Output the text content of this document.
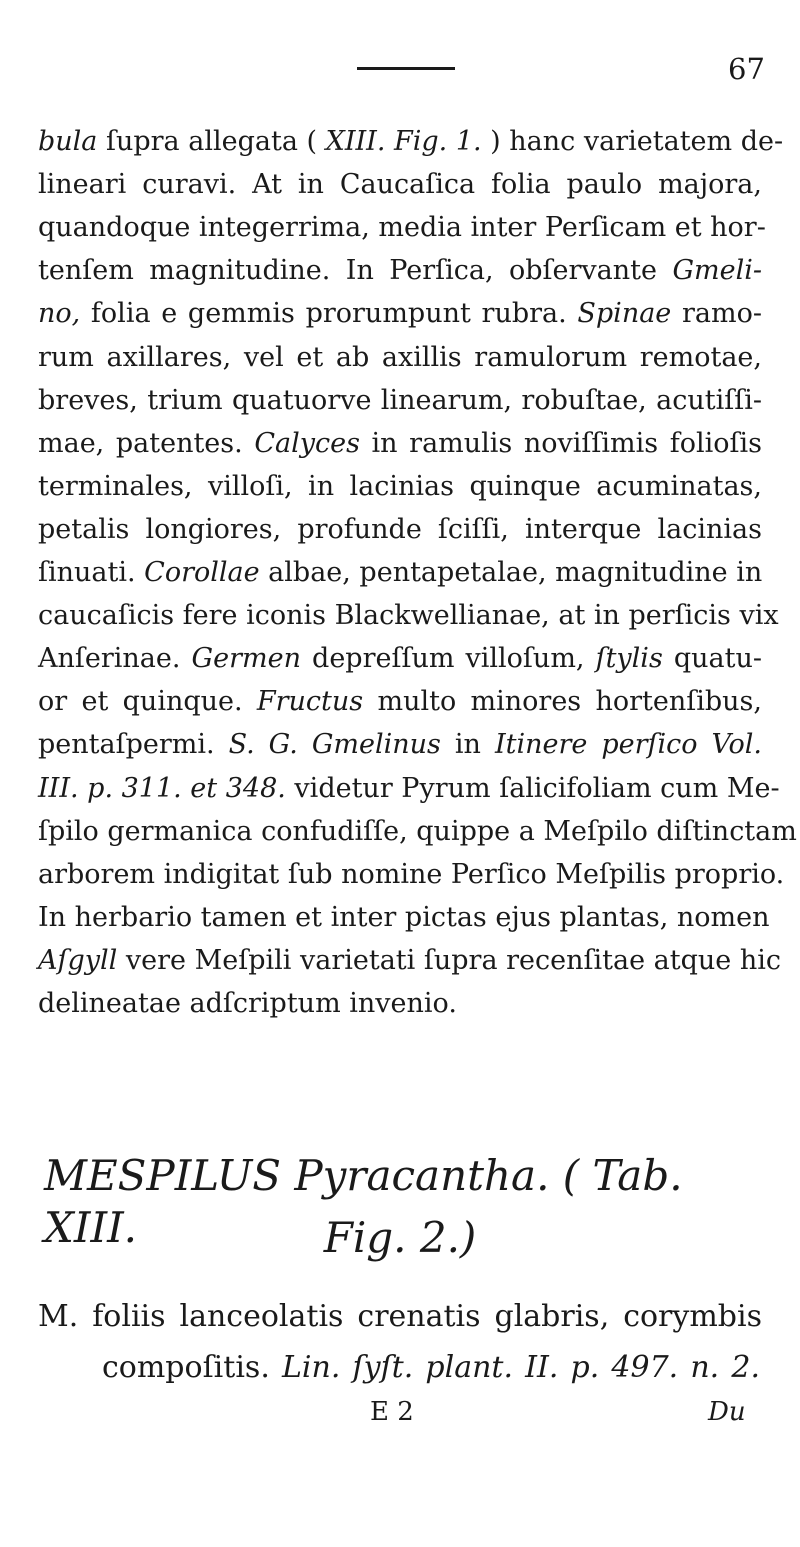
67
bula ſupra allegata ( XIII. Fig. 1. ) hanc varietatem de-
lineari curavi. At in Caucaſica folia paulo majora,
quandoque integerrima, media inter Perſicam et hor-
tenſem magnitudine. In Perſica, obſervante Gmeli-
no, folia e gemmis prorumpunt rubra. Spinae ramo-
rum axillares, vel et ab axillis ramulorum remotae,
breves, trium quatuorve linearum, robuſtae, acutiſſi-
mae, patentes. Calyces in ramulis noviſſimis folioſis
terminales, villoſi, in lacinias quinque acuminatas,
petalis longiores, profunde ſciſſi, interque lacinias
ſinuati. Corollae albae, pentapetalae, magnitudine in
caucaſicis fere iconis Blackwellianae, at in perſicis vix
Anſerinae. Germen depreſſum villoſum, ſtylis quatu-
or et quinque. Fructus multo minores hortenſibus,
pentaſpermi. S. G. Gmelinus in Itinere perſico Vol.
III. p. 311. et 348. videtur Pyrum ſalicifoliam cum Me-
ſpilo germanica confudiſſe, quippe a Meſpilo diſtinctam
arborem indigitat ſub nomine Perſico Meſpilis proprio.
In herbario tamen et inter pictas ejus plantas, nomen
Aſgyll vere Meſpili varietati ſupra recenſitae atque hic
delineatae adſcriptum invenio.
MESPILUS Pyracantha. ( Tab. XIII.	Fig. 2.)
M. foliis lanceolatis crenatis glabris, corymbis
compoſitis. Lin. ſyſt. plant. II. p. 497. n. 2.
E 2	Du
